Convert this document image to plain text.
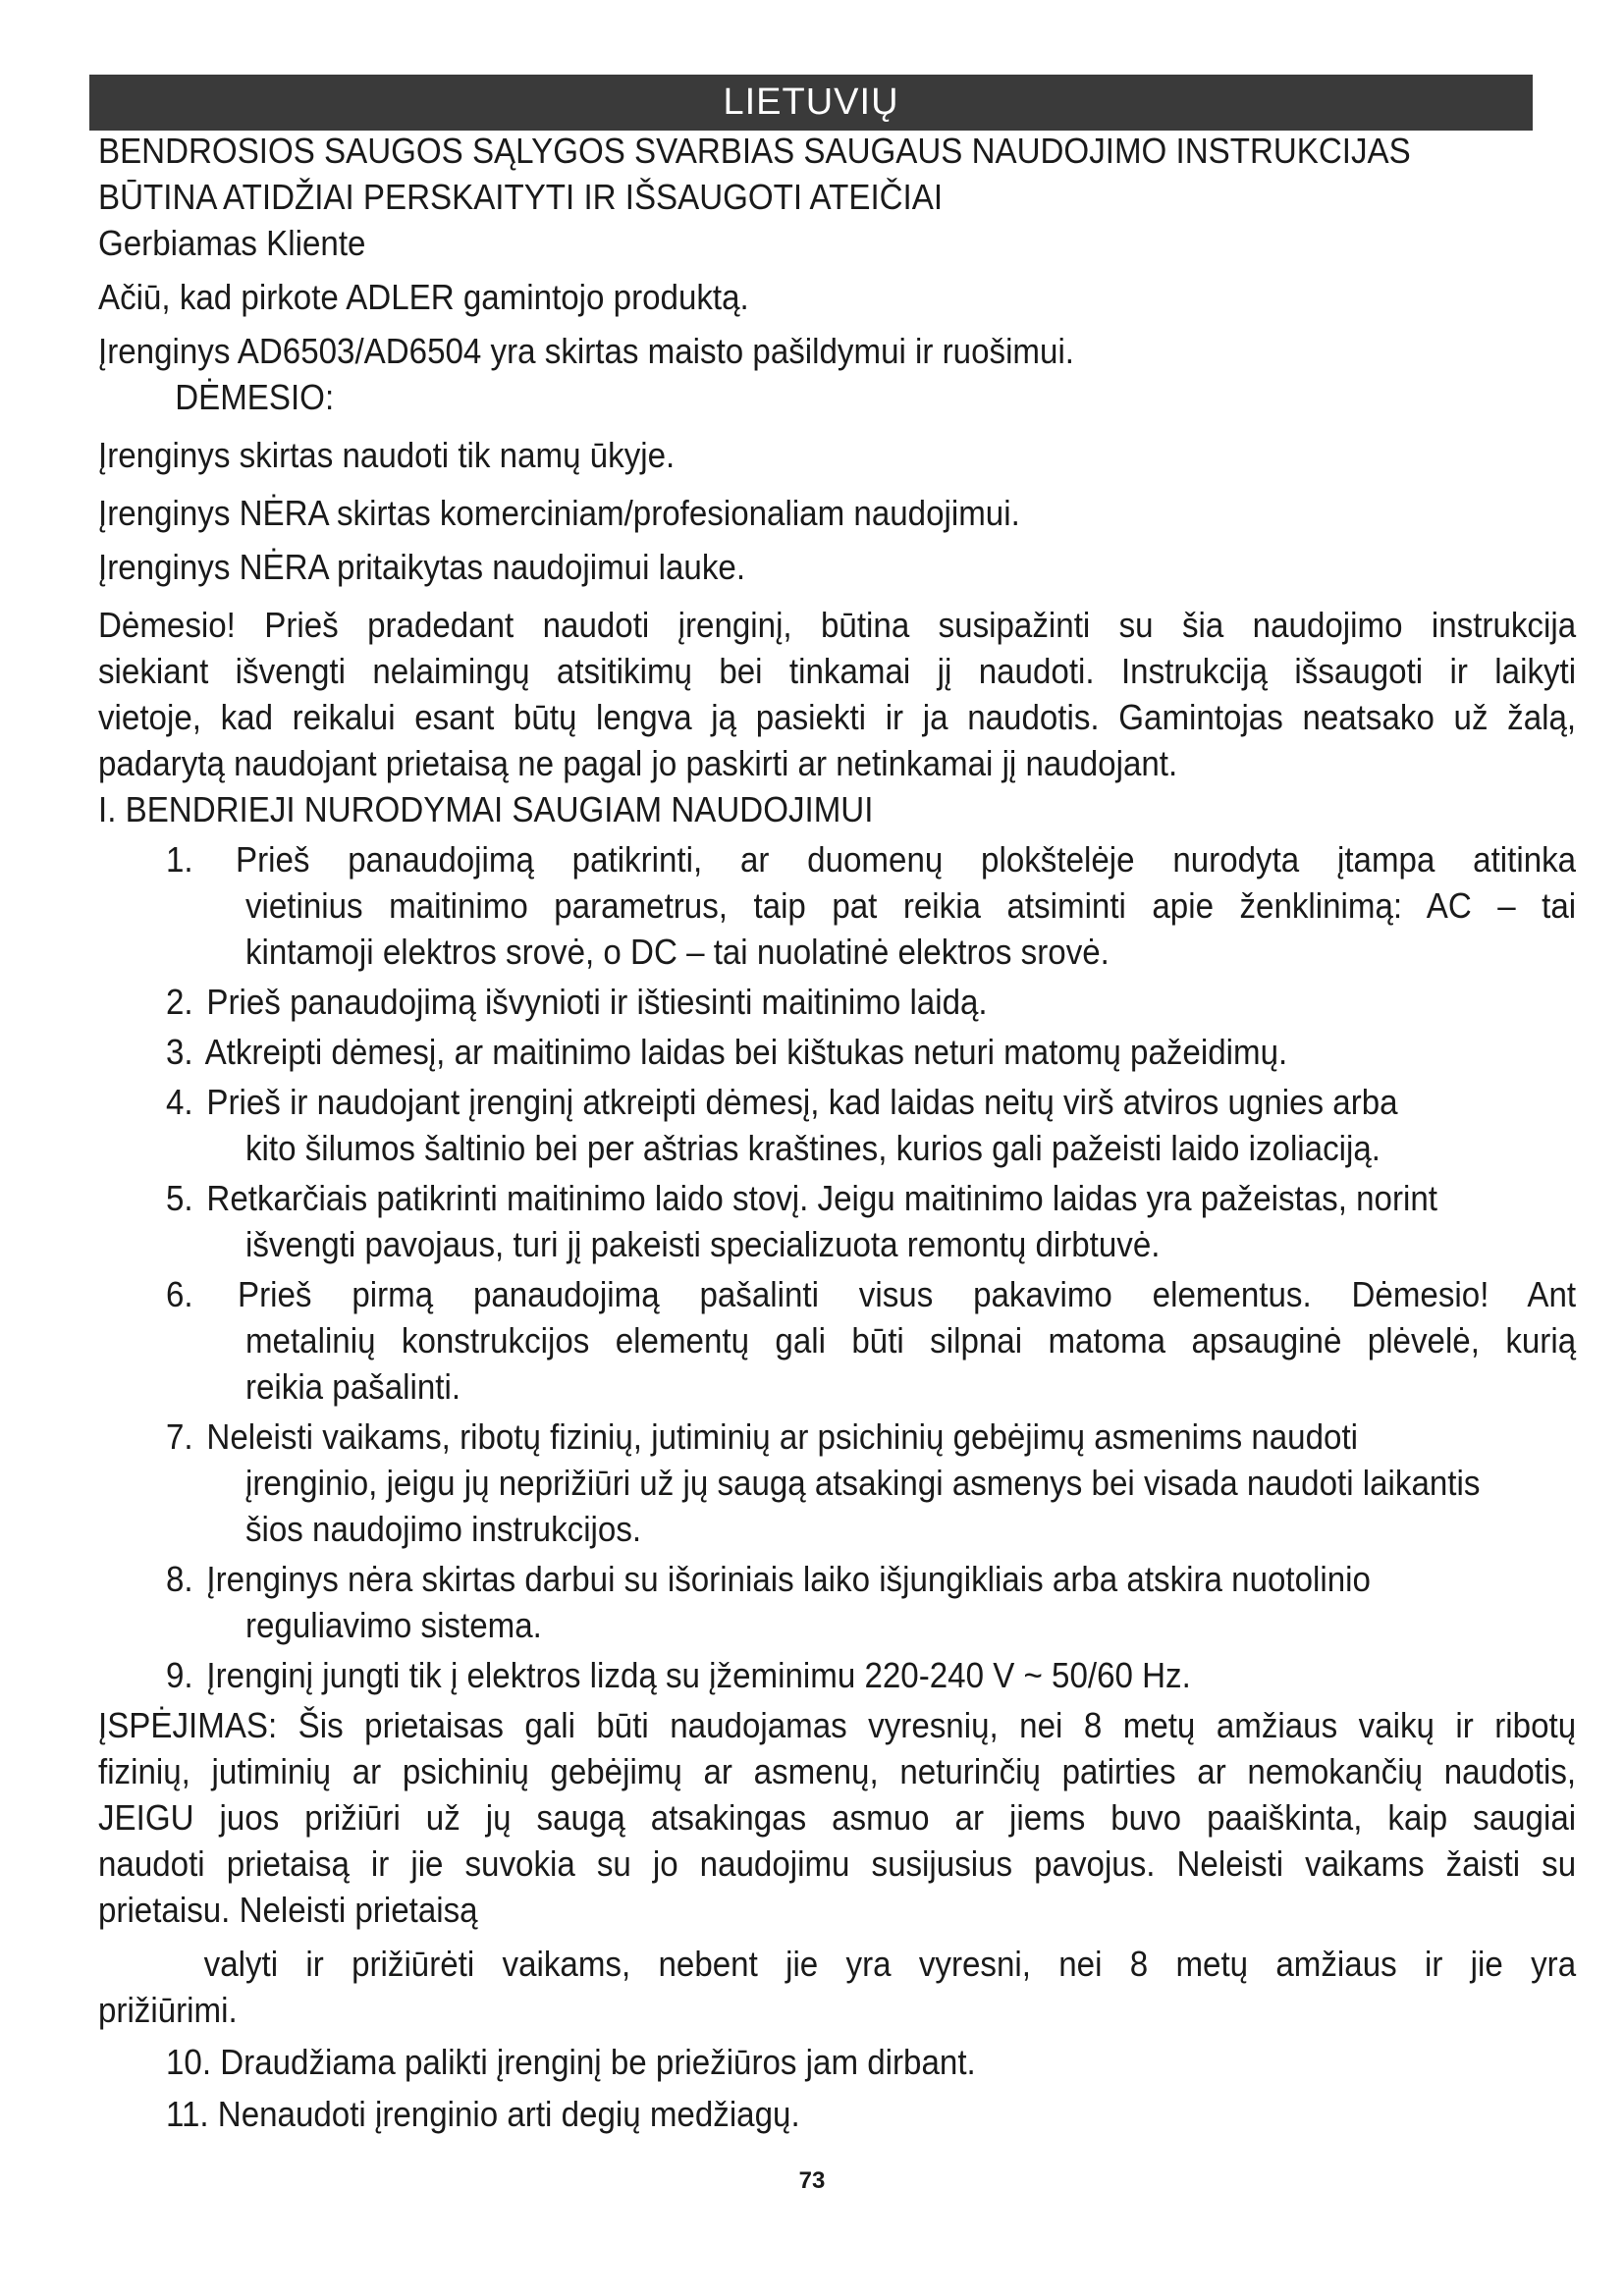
LIETUVIŲ

BENDROSIOS SAUGOS SĄLYGOS SVARBIAS SAUGAUS NAUDOJIMO INSTRUKCIJAS

BŪTINA ATIDŽIAI PERSKAITYTI IR IŠSAUGOTI ATEIČIAI

Gerbiamas Kliente

Ačiū, kad pirkote ADLER gamintojo produktą.

Įrenginys AD6503/AD6504 yra skirtas maisto pašildymui ir ruošimui.

DĖMESIO:

Įrenginys skirtas naudoti tik namų ūkyje.

Įrenginys NĖRA skirtas komerciniam/profesionaliam naudojimui.

Įrenginys NĖRA pritaikytas naudojimui lauke.

Dėmesio! Prieš pradedant naudoti įrenginį, būtina susipažinti su šia naudojimo instrukcija

siekiant išvengti nelaimingų atsitikimų bei tinkamai jį naudoti. Instrukciją išsaugoti ir laikyti

vietoje, kad reikalui esant būtų lengva ją pasiekti ir ja naudotis. Gamintojas neatsako už žalą,

padarytą naudojant prietaisą ne pagal jo paskirti ar netinkamai jį naudojant.

I. BENDRIEJI NURODYMAI SAUGIAM NAUDOJIMUI

1. Prieš panaudojimą patikrinti, ar duomenų plokštelėje nurodyta įtampa atitinka

vietinius maitinimo parametrus, taip pat reikia atsiminti apie ženklinimą: AC – tai

kintamoji elektros srovė, o DC – tai nuolatinė elektros srovė.

2. Prieš panaudojimą išvynioti ir ištiesinti maitinimo laidą.

3. Atkreipti dėmesį, ar maitinimo laidas bei kištukas neturi matomų pažeidimų.

4. Prieš ir naudojant įrenginį atkreipti dėmesį, kad laidas neitų virš atviros ugnies arba

kito šilumos šaltinio bei per aštrias kraštines, kurios gali pažeisti laido izoliaciją.

5. Retkarčiais patikrinti maitinimo laido stovį. Jeigu maitinimo laidas yra pažeistas, norint

išvengti pavojaus, turi jį pakeisti specializuota remontų dirbtuvė.

6. Prieš pirmą panaudojimą pašalinti visus pakavimo elementus. Dėmesio! Ant

metalinių konstrukcijos elementų gali būti silpnai matoma apsauginė plėvelė, kurią

reikia pašalinti.

7. Neleisti vaikams, ribotų fizinių, jutiminių ar psichinių gebėjimų asmenims naudoti

įrenginio, jeigu jų neprižiūri už jų saugą atsakingi asmenys bei visada naudoti laikantis

šios naudojimo instrukcijos.

8. Įrenginys nėra skirtas darbui su išoriniais laiko išjungikliais arba atskira nuotolinio

reguliavimo sistema.

9. Įrenginį jungti tik į elektros lizdą su įžeminimu 220-240 V ~ 50/60 Hz.

ĮSPĖJIMAS: Šis prietaisas gali būti naudojamas vyresnių, nei 8 metų amžiaus vaikų ir ribotų

fizinių, jutiminių ar psichinių gebėjimų ar asmenų, neturinčių patirties ar nemokančių naudotis,

JEIGU juos prižiūri už jų saugą atsakingas asmuo ar jiems buvo paaiškinta, kaip saugiai

naudoti prietaisą ir jie suvokia su jo naudojimu susijusius pavojus. Neleisti vaikams žaisti su

prietaisu. Neleisti prietaisą

valyti ir prižiūrėti vaikams, nebent jie yra vyresni, nei 8 metų amžiaus ir jie yra

prižiūrimi.

10. Draudžiama palikti įrenginį be priežiūros jam dirbant.

11. Nenaudoti įrenginio arti degių medžiagų.

73
